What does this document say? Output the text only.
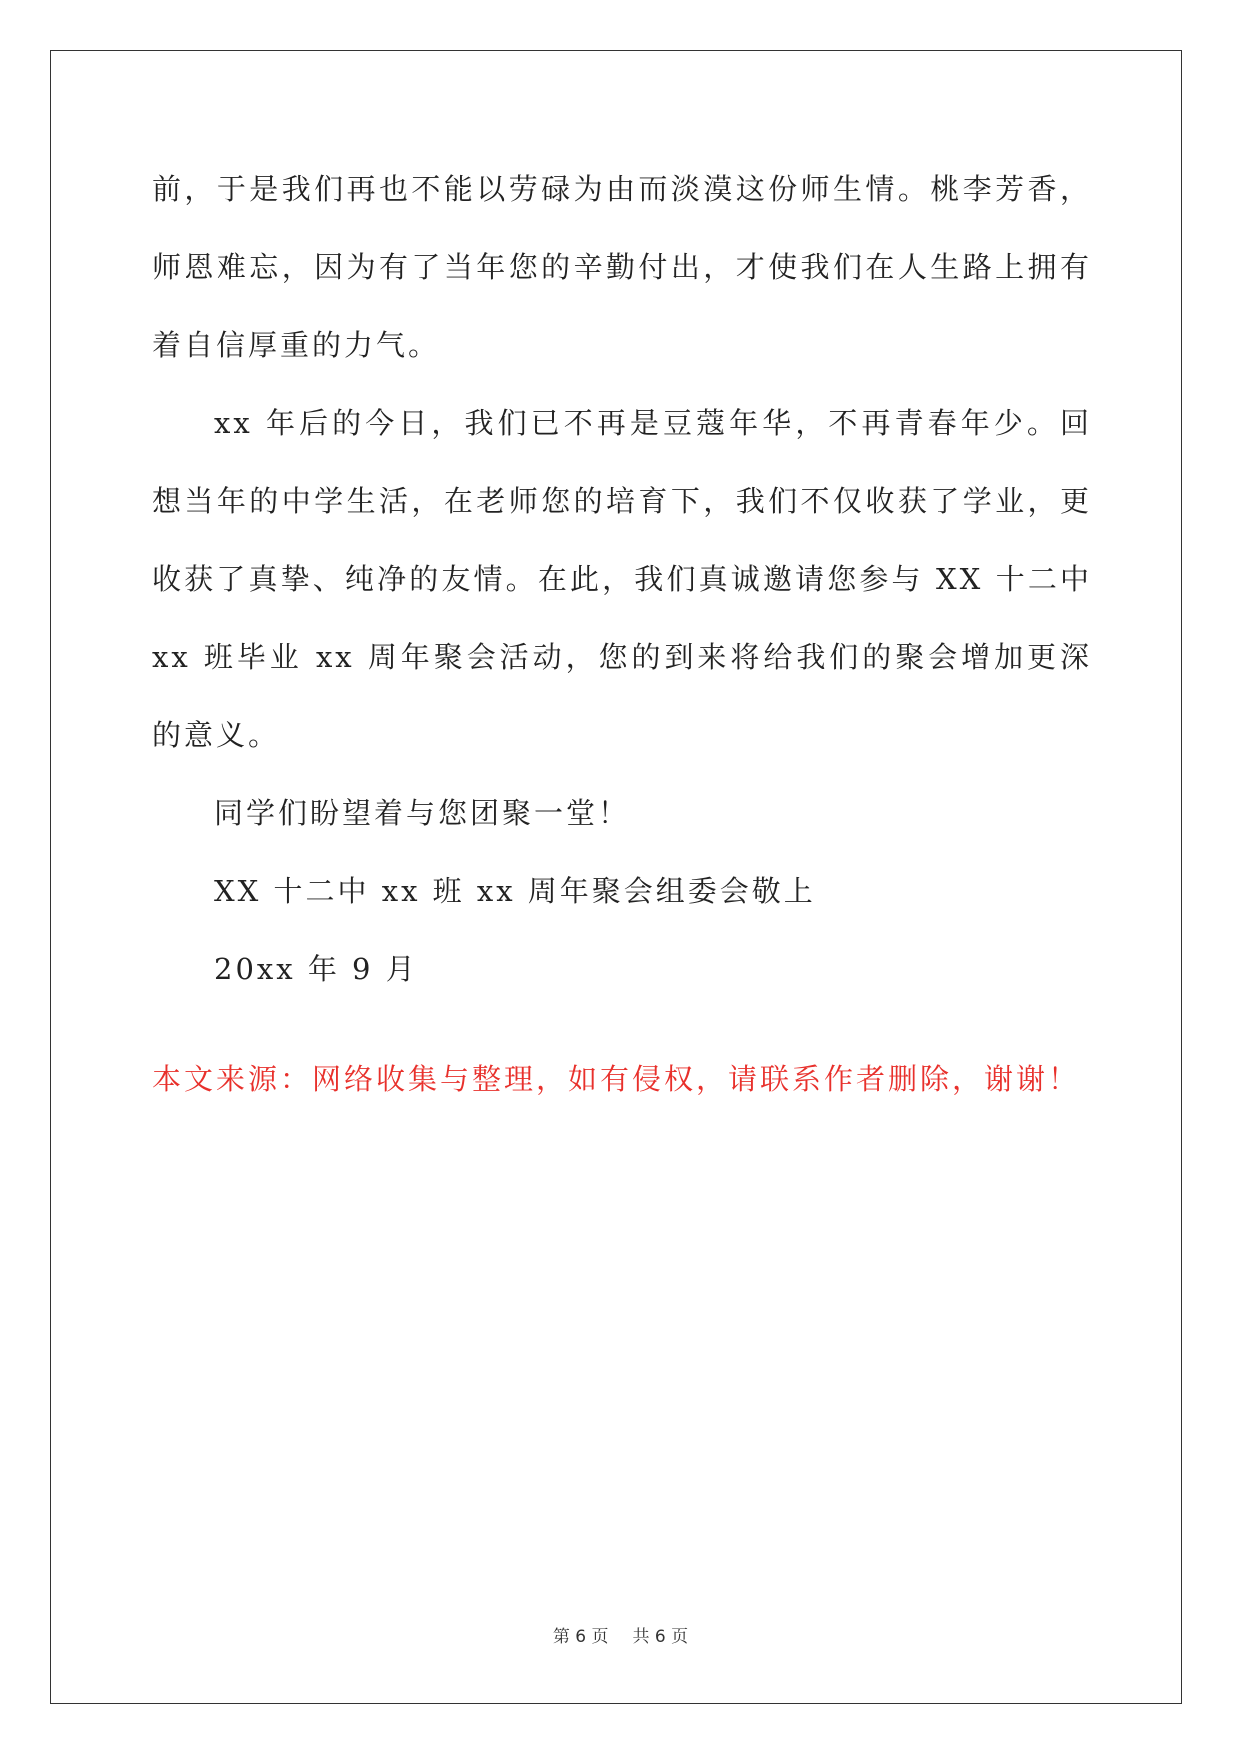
前，于是我们再也不能以劳碌为由而淡漠这份师生情。桃李芳香，师恩难忘，因为有了当年您的辛勤付出，才使我们在人生路上拥有着自信厚重的力气。

xx 年后的今日，我们已不再是豆蔻年华，不再青春年少。回想当年的中学生活，在老师您的培育下，我们不仅收获了学业，更收获了真挚、纯净的友情。在此，我们真诚邀请您参与 XX 十二中 xx 班毕业 xx 周年聚会活动，您的到来将给我们的聚会增加更深的意义。

同学们盼望着与您团聚一堂！

XX 十二中 xx 班 xx 周年聚会组委会敬上

20xx 年 9 月

本文来源：网络收集与整理，如有侵权，请联系作者删除，谢谢！
第 6 页 共 6 页
